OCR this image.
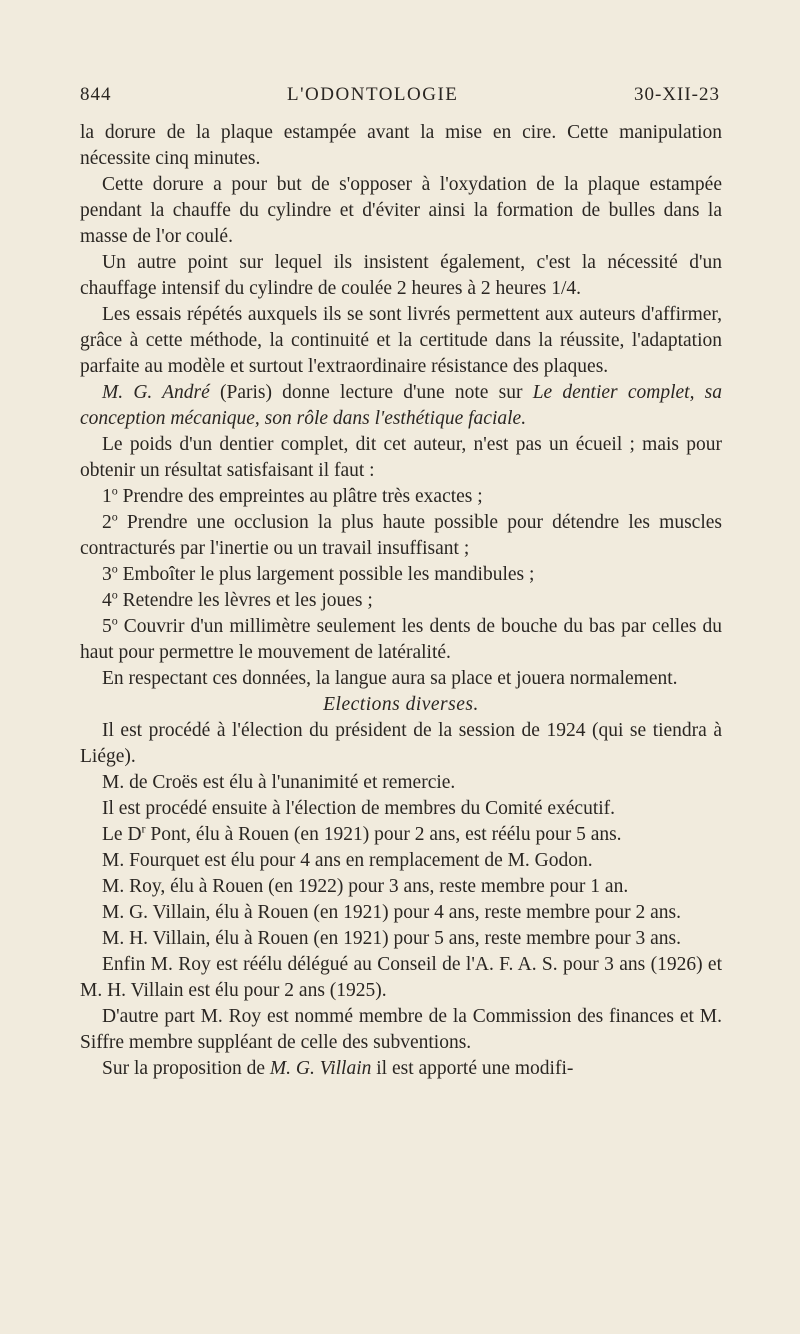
844	L'ODONTOLOGIE	30-XII-23

la dorure de la plaque estampée avant la mise en cire. Cette manipulation nécessite cinq minutes.

Cette dorure a pour but de s'opposer à l'oxydation de la plaque estampée pendant la chauffe du cylindre et d'éviter ainsi la formation de bulles dans la masse de l'or coulé.

Un autre point sur lequel ils insistent également, c'est la nécessité d'un chauffage intensif du cylindre de coulée 2 heures à 2 heures 1/4.

Les essais répétés auxquels ils se sont livrés permettent aux auteurs d'affirmer, grâce à cette méthode, la continuité et la certitude dans la réussite, l'adaptation parfaite au modèle et surtout l'extraordinaire résistance des plaques.

M. G. André (Paris) donne lecture d'une note sur Le dentier complet, sa conception mécanique, son rôle dans l'esthétique faciale.

Le poids d'un dentier complet, dit cet auteur, n'est pas un écueil ; mais pour obtenir un résultat satisfaisant il faut :

1$^o$ Prendre des empreintes au plâtre très exactes ;

2$^o$ Prendre une occlusion la plus haute possible pour détendre les muscles contracturés par l'inertie ou un travail insuffisant ;

3$^o$ Emboîter le plus largement possible les mandibules ;

4$^o$ Retendre les lèvres et les joues ;

5$^o$ Couvrir d'un millimètre seulement les dents de bouche du bas par celles du haut pour permettre le mouvement de latéralité.

En respectant ces données, la langue aura sa place et jouera normalement.

Elections diverses.

Il est procédé à l'élection du président de la session de 1924 (qui se tiendra à Liége).

M. de Croës est élu à l'unanimité et remercie.

Il est procédé ensuite à l'élection de membres du Comité exécutif.

Le $D^r$ Pont, élu à Rouen (en 1921) pour 2 ans, est réélu pour 5 ans.

M. Fourquet est élu pour 4 ans en remplacement de M. Godon.

M. Roy, élu à Rouen (en 1922) pour 3 ans, reste membre pour 1 an.

M. G. Villain, élu à Rouen (en 1921) pour 4 ans, reste membre pour 2 ans.

M. H. Villain, élu à Rouen (en 1921) pour 5 ans, reste membre pour 3 ans.

Enfin M. Roy est réélu délégué au Conseil de l'A. F. A. S. pour 3 ans (1926) et M. H. Villain est élu pour 2 ans (1925).

D'autre part M. Roy est nommé membre de la Commission des finances et M. Siffre membre suppléant de celle des subventions.

Sur la proposition de M. G. Villain il est apporté une modifi-
